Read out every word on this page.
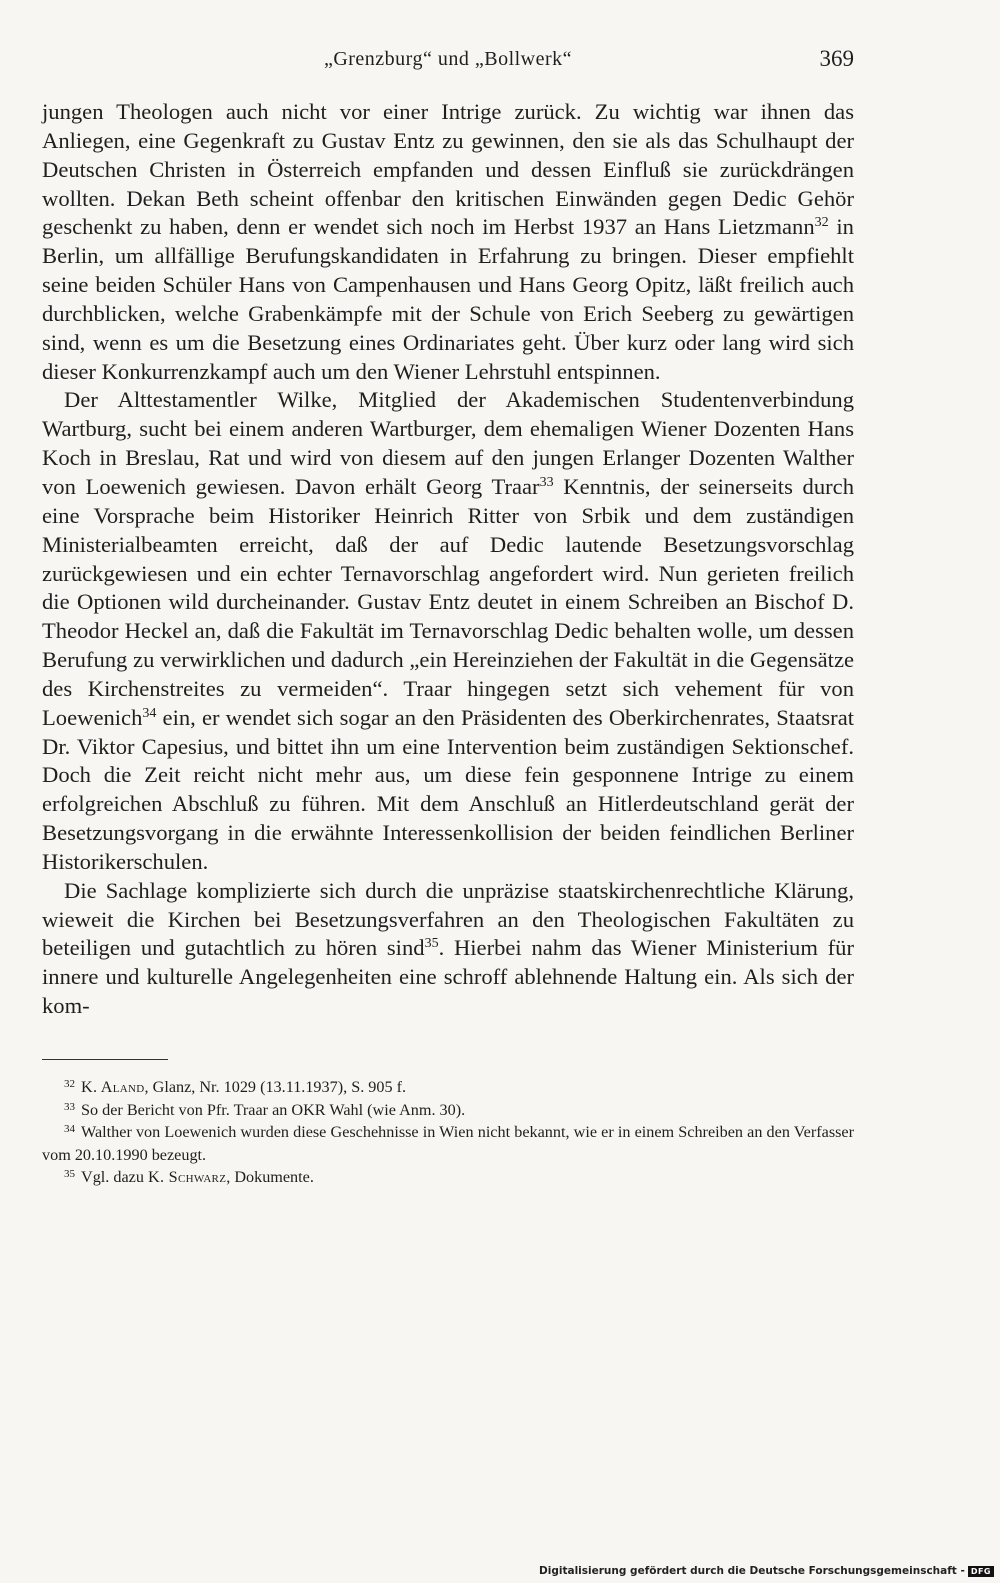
„Grenzburg“ und „Bollwerk“	369

jungen Theologen auch nicht vor einer Intrige zurück. Zu wichtig war ihnen das Anliegen, eine Gegenkraft zu Gustav Entz zu gewinnen, den sie als das Schulhaupt der Deutschen Christen in Österreich empfanden und dessen Einfluß sie zurückdrängen wollten. Dekan Beth scheint offenbar den kritischen Einwänden gegen Dedic Gehör geschenkt zu haben, denn er wendet sich noch im Herbst 1937 an Hans Lietzmann$^{32}$ in Berlin, um allfällige Berufungskandidaten in Erfahrung zu bringen. Dieser empfiehlt seine beiden Schüler Hans von Campenhausen und Hans Georg Opitz, läßt freilich auch durchblicken, welche Grabenkämpfe mit der Schule von Erich Seeberg zu gewärtigen sind, wenn es um die Besetzung eines Ordinariates geht. Über kurz oder lang wird sich dieser Konkurrenzkampf auch um den Wiener Lehrstuhl entspinnen.

Der Alttestamentler Wilke, Mitglied der Akademischen Studentenverbindung Wartburg, sucht bei einem anderen Wartburger, dem ehemaligen Wiener Dozenten Hans Koch in Breslau, Rat und wird von diesem auf den jungen Erlanger Dozenten Walther von Loewenich gewiesen. Davon erhält Georg Traar$^{33}$ Kenntnis, der seinerseits durch eine Vorsprache beim Historiker Heinrich Ritter von Srbik und dem zuständigen Ministerialbeamten erreicht, daß der auf Dedic lautende Besetzungsvorschlag zurückgewiesen und ein echter Ternavorschlag angefordert wird. Nun gerieten freilich die Optionen wild durcheinander. Gustav Entz deutet in einem Schreiben an Bischof D. Theodor Heckel an, daß die Fakultät im Ternavorschlag Dedic behalten wolle, um dessen Berufung zu verwirklichen und dadurch „ein Hereinziehen der Fakultät in die Gegensätze des Kirchenstreites zu vermeiden“. Traar hingegen setzt sich vehement für von Loewenich$^{34}$ ein, er wendet sich sogar an den Präsidenten des Oberkirchenrates, Staatsrat Dr. Viktor Capesius, und bittet ihn um eine Intervention beim zuständigen Sektionschef. Doch die Zeit reicht nicht mehr aus, um diese fein gesponnene Intrige zu einem erfolgreichen Abschluß zu führen. Mit dem Anschluß an Hitlerdeutschland gerät der Besetzungsvorgang in die erwähnte Interessenkollision der beiden feindlichen Berliner Historikerschulen.

Die Sachlage komplizierte sich durch die unpräzise staatskirchenrechtliche Klärung, wieweit die Kirchen bei Besetzungsverfahren an den Theologischen Fakultäten zu beteiligen und gutachtlich zu hören sind$^{35}$. Hierbei nahm das Wiener Ministerium für innere und kulturelle Angelegenheiten eine schroff ablehnende Haltung ein. Als sich der kom-

$^{32}$ K. Aland, Glanz, Nr. 1029 (13.11.1937), S. 905 f.

$^{33}$ So der Bericht von Pfr. Traar an OKR Wahl (wie Anm. 30).

$^{34}$ Walther von Loewenich wurden diese Geschehnisse in Wien nicht bekannt, wie er in einem Schreiben an den Verfasser vom 20.10.1990 bezeugt.

$^{35}$ Vgl. dazu K. Schwarz, Dokumente.

Digitalisierung gefördert durch die Deutsche Forschungsgemeinschaft - DFG
